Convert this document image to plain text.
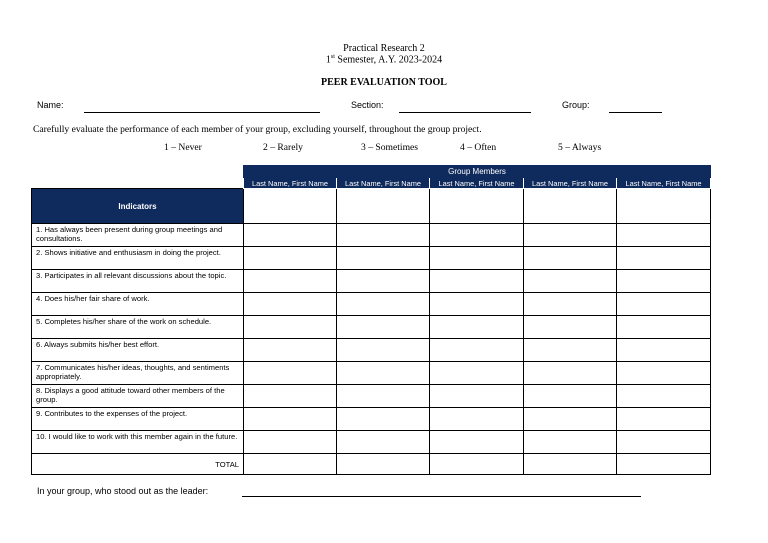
Practical Research 2
1st Semester, A.Y. 2023-2024
PEER EVALUATION TOOL
Name:	Section:	Group:
Carefully evaluate the performance of each member of your group, excluding yourself, throughout the group project.
1 – Never	2 – Rarely	3 – Sometimes	4 – Often	5 – Always
	Group Members				
	Last Name, First Name	Last Name, First Name	Last Name, First Name	Last Name, First Name	Last Name, First Name
Indicators					
1. Has always been present during group meetings and consultations.					
2. Shows initiative and enthusiasm in doing the project.					
3. Participates in all relevant discussions about the topic.					
4. Does his/her fair share of work.					
5. Completes his/her share of the work on schedule.					
6. Always submits his/her best effort.					
7. Communicates his/her ideas, thoughts, and sentiments appropriately.					
8. Displays a good attitude toward other members of the group.					
9. Contributes to the expenses of the project.					
10. I would like to work with this member again in the future.					
TOTAL					
In your group, who stood out as the leader:
